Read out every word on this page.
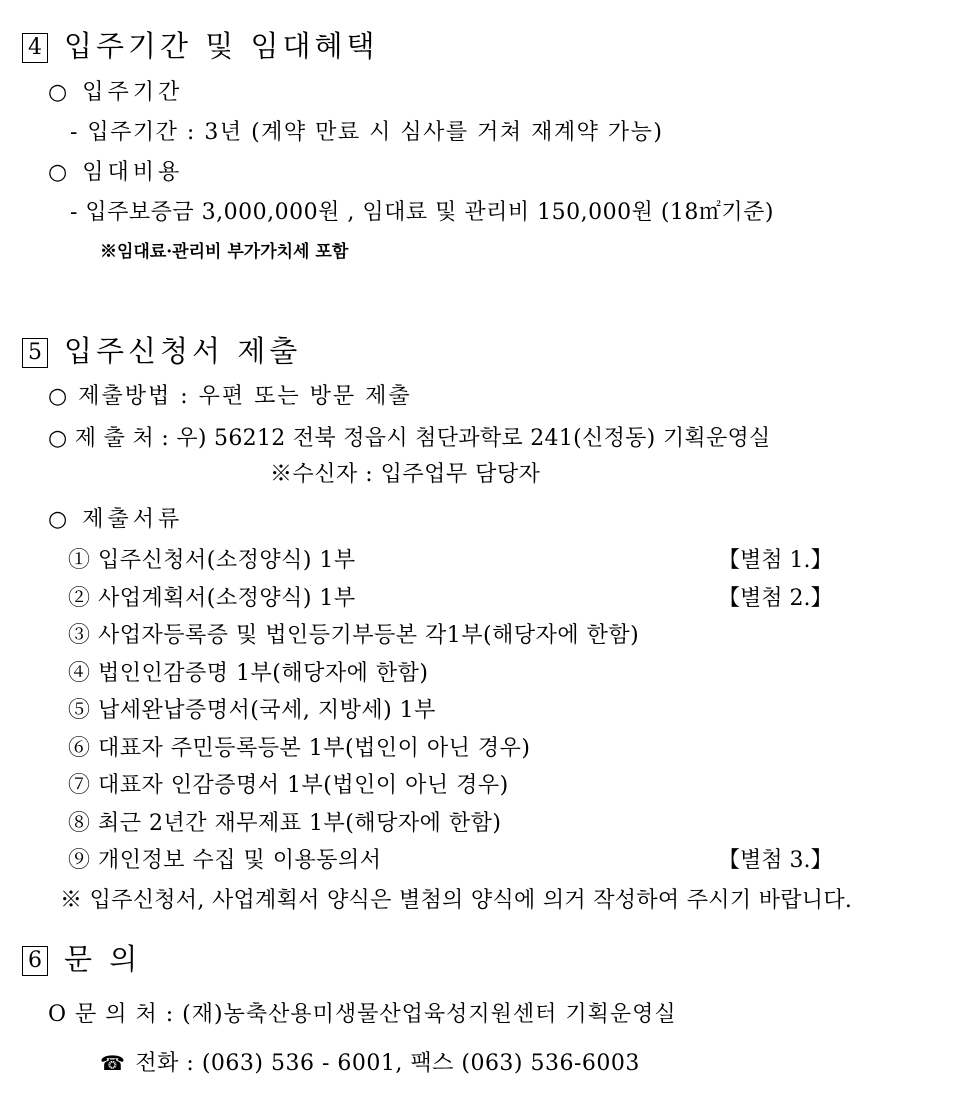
4 입주기간 및 임대혜택
○ 입주기간
- 입주기간 : 3년 (계약 만료 시 심사를 거쳐 재계약 가능)
○ 임대비용
- 입주보증금 3,000,000원 , 임대료 및 관리비 150,000원 (18㎡기준)
※임대료·관리비 부가가치세 포함
5 입주신청서 제출
○ 제출방법 : 우편 또는 방문 제출
○ 제 출 처 : 우) 56212 전북 정읍시 첨단과학로 241(신정동) 기획운영실
※수신자 : 입주업무 담당자
○ 제출서류
① 입주신청서(소정양식) 1부	【별첨 1.】
② 사업계획서(소정양식) 1부	【별첨 2.】
③ 사업자등록증 및 법인등기부등본 각1부(해당자에 한함)
④ 법인인감증명 1부(해당자에 한함)
⑤ 납세완납증명서(국세, 지방세) 1부
⑥ 대표자 주민등록등본 1부(법인이 아닌 경우)
⑦ 대표자 인감증명서 1부(법인이 아닌 경우)
⑧ 최근 2년간 재무제표 1부(해당자에 한함)
⑨ 개인정보 수집 및 이용동의서	【별첨 3.】
※ 입주신청서, 사업계획서 양식은 별첨의 양식에 의거 작성하여 주시기 바랍니다.
6 문 의
O 문 의 처 : (재)농축산용미생물산업육성지원센터 기획운영실
☎ 전화 : (063) 536 - 6001, 팩스 (063) 536-6003
